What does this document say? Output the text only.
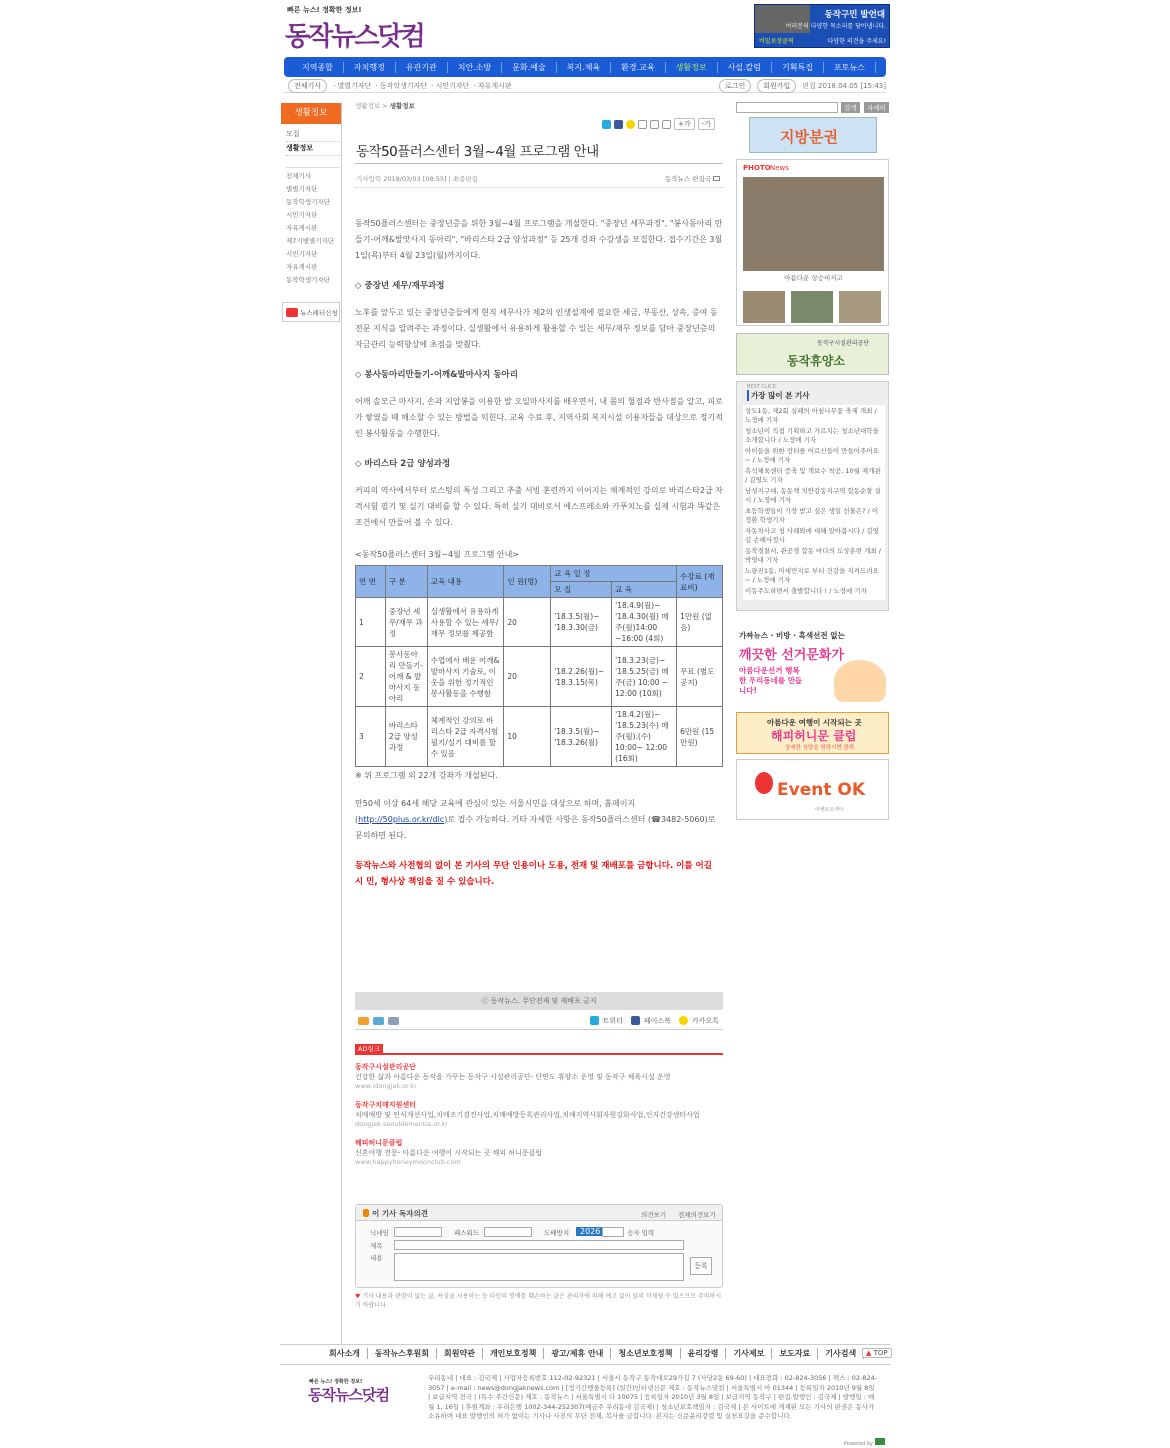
빠른 뉴스! 정확한 정보!
동작뉴스닷컴
동작구민 발언대
여러분의 다양한 목소리를 담아냅니다.
비밀보장클릭	다양한 의견을 주세요!
지역종합	자치행정	유관기관	치안.소방	문화.예술	복지.체육	환경.교육	생활정보	사설.칼럼	기획특집	포토뉴스
전체기사	· 별별기자단 · 동작학생기자단 · 시민기자단 · 자유게시판	로그인	회원가입	편집 2018.04.05 [15:43]
생활정보
모집
생활정보
전체기사
별별기자단
동작학생기자단
시민기자단
자유게시판
제7기별별기자단
시민기자단
자유게시판
동작학생기자단
뉴스레터신청
생활정보 > 생활정보
+가	-가
동작50플러스센터 3월~4월 프로그램 안내
기사입력 2018/03/03 [08:55] | 최종편집	동작뉴스 편집국

동작50플러스센터는 중장년층을 위한 3월~4월 프로그램을 개설한다. "중장년 세무과정", "봉사동아리 만들기-어깨&발맛사지 동아리", "바리스타 2급 양성과정" 등 25개 강좌 수강생을 모집한다. 접수기간은 3월 1일(목)부터 4월 23일(월)까지이다.

◇ 중장년 세무/재무과정

노후를 앞두고 있는 중장년층들에게 현직 세무사가 제2의 인생설계에 필요한 세금, 부동산, 상속, 증여 등 전문 지식을 알려주는 과정이다. 실생활에서 유용하게 활용할 수 있는 세무/재무 정보를 담아 중장년층의 자금관리 능력향상에 초점을 맞췄다.

◇ 봉사동아리만들기-어깨&발마사지 동아리

어깨 솔모근 마사지, 손과 지압봉을 이용한 발 오일마사지를 배우면서, 내 몸의 혈점과 반사점을 알고, 피로가 쌓였을 때 해소할 수 있는 방법을 익힌다. 교육 수료 후, 지역사회 복지시설 이용자들을 대상으로 정기적인 봉사활동을 수행한다.

◇ 바리스타 2급 양성과정

커피의 역사에서부터 로스팅의 특성 그리고 추출 서빙 훈련까지 이어지는 체계적인 강의로 바리스타2급 자격시험 필기 및 실기 대비를 할 수 있다. 특히 실기 대비로서 에스프레소와 카푸치노를 실제 시험과 똑같은 조건에서 만들어 볼 수 있다.

<동작50플러스센터 3월~4월 프로그램 안내>

연 번	구 분	교육 내용	인 원(명)	교 육 일 정		수강료 (재료비)
				모 집	교 육	
1	중장년 세무/재무 과정	실생활에서 유용하게 사용할 수 있는 세무/재무 정보를 제공함	20	'18.3.5(월)~ '18.3.30(금)	'18.4.9(월)~ '18.4.30(월) 매주(월)14:00 ~16:00 (4회)	1만원 (없음)
2	봉사동아리 만들기- 어깨 & 발마사지 동아리	수업에서 배운 어깨&발마사지 기술로, 이웃을 위한 정기적인 봉사활동을 수행함	20	'18.2.26(월)~ '18.3.15(목)	'18.3.23(금)~ '18.5.25(금) 매주(금) 10:00 ~ 12:00 (10회)	무료 (별도공지)
3	바리스타 2급 양성 과정	체계적인 강의로 바리스타 2급 자격시험 필기/실기 대비를 할 수 있음	10	'18.3.5(월)~ '18.3.26(월)	'18.4.2(월)~ '18.5.23(수) 매주(월).(수) 10:00~ 12:00 (16회)	6만원 (15만원)

※ 위 프로그램 외 22개 강좌가 개설된다.

만50세 이상 64세 해당 교육에 관심이 있는 서울시민을 대상으로 하며, 홈페이지(http://50plus.or.kr/dlc)로 접수 가능하다. 기타 자세한 사항은 동작50플러스센터 (☎3482-5060)로 문의하면 된다.

동작뉴스와 사전협의 없이 본 기사의 무단 인용이나 도용, 전재 및 재배포를 금합니다. 이를 어길 시 민, 형사상 책임을 질 수 있습니다.

ⓒ 동작뉴스. 무단전재 및 재배포 금지
트위터	페이스북	카카오톡
AD링크
동작구시설관리공단
건강한 삶과 아름다운 동작을 가꾸는 동작구 시설관리공단- 단면도 휴양소 운영 및 동작구 체육시설 운영
www.idongjak.or.kr
동작구치매지원센터
치매예방 및 인식개선사업,치매조기검진사업,치매예방등록관리사업,치매지역사회자원강화사업,인지건강센터사업
dongjak.seouldementia.or.kr
해피허니문클럽
신혼여행 전문- 아름다운 여행이 시작되는 곳 해피 허니문클럽
www.happyhoneymoonclub.com
이 기사 독자의견	의견쓰기 전체의견보기
닉네임	패스워드	도배방지	2026	숫자 입력
제목
내용
등록
♥ 기사 내용과 관련이 없는 글, 욕설을 사용하는 등 타인의 명예를 훼손하는 글은 관리자에 의해 예고 없이 임의 삭제될 수 있으므로 주의하시기 바랍니다.
검색	자세히
지방분권
PHOTO News
아름다운 상승비지고
동작구시설관리공단
동작휴양소
BEST CLICK
가장 많이 본 기사
상도1동, 제2회 실패의 아침나무꽃 축제 개최 / 노정애 기자
청소년이 직접 기획하고 가르치는 청소년대학을 소개합니다 / 노정애 기자
아이들을 위한 장터를 어르신들이 만들어주어요 ~ / 노정애 기자
흑석체육센터 증축 및 개보수 착공, 10월 재개관 / 김영도 기자
남성지구대, 동동책 치안감동지구역 합동순찰 실시 / 노정애 기자
초등학생들이 가장 받고 싶은 생일 선물은? / 이정환 학생기자
자동차사고 청 사례와에 대해 알아봅시다 / 김영길 손해사정사
동작경찰서, 관공경 합동 마다의 도상훈련 개최 / 박영대 기자
노량진1동, 미세먼지로 부터 건강을 지켜드려요~ / 노정애 기자
이동주도하면서 출발합니다 ! / 노정애 기자
가짜뉴스 · 비방 · 흑색선전 없는
깨끗한 선거문화가
아름다운선거 행복한 우리동네를 만듭니다!
아름다운 여행이 시작되는 곳
해피허니문 클럽
상세한 상담을 원하시면 클릭
Event OK
이벤트오케이
회사소개	동작뉴스후원회	회원약관	개인보호정책	광고/제휴 안내	청소년보호정책	윤리강령	기사제보	보도자료	기사검색	▲ TOP
빠른 뉴스! 정확한 정보!
동작뉴스닷컴
우리동네 | 대표 : 김국제 | 사업자등록번호 112-02-92321 | 서울시 동작구 동작대로29가길 7 (사당2동 69-60) | 대표전화 : 02-824-3056 | 팩스 : 02-824-3057 | e-mail : news@dongjaknews.com | [정기간행물등록] (일간)인터넷신문 제호 : 동작뉴스닷컴 | 서울특별시 아 01344 | 등록일자 2010년 9월 8일 | 보급지역 전국 | (특수 주간신문) 제호 : 동작뉴스 | 서울특별시 다 10075 | 등록일자 2010년 3월 8일 | 보급지역 동작구 | 편집.발행인 : 김국제 | 발행일 : 매월 1, 16일 | 후원계좌 : 우리은행 1002-344-252307(예금주 우리동네 김국제) | 청소년보호책임자 : 김국제 | 본 사이트에 게재된 모든 기사의 판권은 동사가 소유하며 대표 발행인의 허가 없이는 기사나 사진의 무단 전재, 복사를 금합니다. 본지는 신문윤리강령 및 실천요강을 준수합니다.
Powered by
